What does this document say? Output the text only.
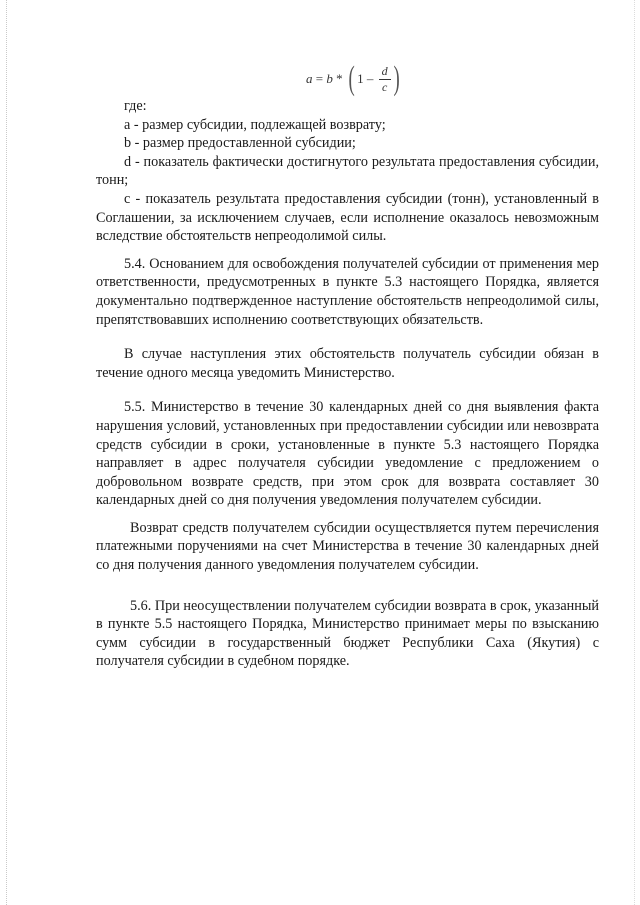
a = b * ( $1 - \frac{d}{c}$ )

где:

a - размер субсидии, подлежащей возврату;

b - размер предоставленной субсидии;

d - показатель фактически достигнутого результата предоставления субсидии, тонн;

c - показатель результата предоставления субсидии (тонн), установленный в Соглашении, за исключением случаев, если исполнение оказалось невозможным вследствие обстоятельств непреодолимой силы.

5.4. Основанием для освобождения получателей субсидии от применения мер ответственности, предусмотренных в пункте 5.3 настоящего Порядка, является документально подтвержденное наступление обстоятельств непреодолимой силы, препятствовавших исполнению соответствующих обязательств.

В случае наступления этих обстоятельств получатель субсидии обязан в течение одного месяца уведомить Министерство.

5.5. Министерство в течение 30 календарных дней со дня выявления факта нарушения условий, установленных при предоставлении субсидии или невозврата средств субсидии в сроки, установленные в пункте 5.3 настоящего Порядка направляет в адрес получателя субсидии уведомление с предложением о добровольном возврате средств, при этом срок для возврата составляет 30 календарных дней со дня получения уведомления получателем субсидии.

Возврат средств получателем субсидии осуществляется путем перечисления платежными поручениями на счет Министерства в течение 30 календарных дней со дня получения данного уведомления получателем субсидии.

5.6. При неосуществлении получателем субсидии возврата в срок, указанный в пункте 5.5 настоящего Порядка, Министерство принимает меры по взысканию сумм субсидии в государственный бюджет Республики Саха (Якутия) с получателя субсидии в судебном порядке.
